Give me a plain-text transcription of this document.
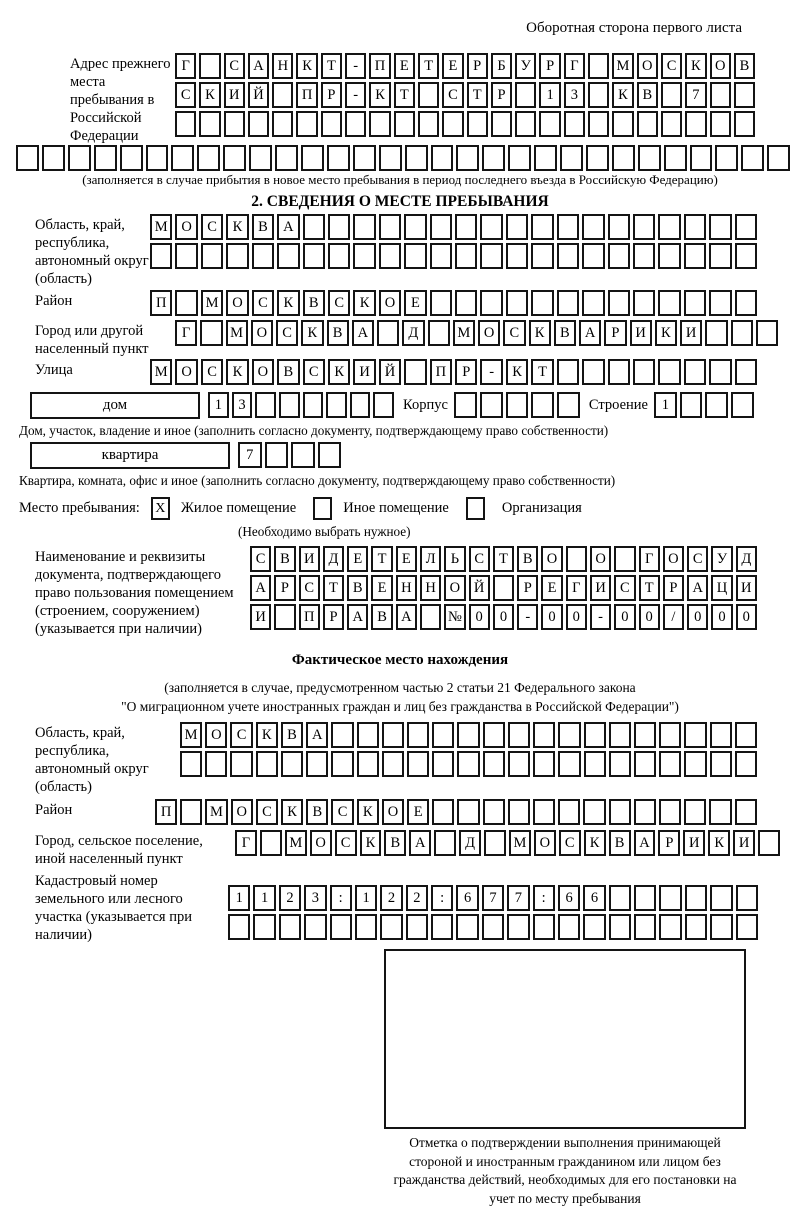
Оборотная сторона первого листа
Адрес прежнего места пребывания в Российской Федерации
Г	С А Н К	Т	-	П	Е	Т	Е	Р	Б	У	Р	Г	М О С	К О В
С	К И Й	П	Р	-	К	Т	С	Т	Р	1	3	К	В	7
(заполняется в случае прибытия в новое место пребывания в период последнего въезда в Российскую Федерацию)
2. СВЕДЕНИЯ О МЕСТЕ ПРЕБЫВАНИЯ
Область, край, республика, автономный округ (область)
М О	С	К	В	А
Район	П	М О	С	К	В	С	К	О	Е
Город или другой населенный пункт
Г	М О	С	К	В	А	Д	М О	С	К	В	А	Р	И	К	И
Улица	М О	С	К	О	В	С	К	И	Й	П	Р	-	К	Т
дом	1	3	Корпус	Строение 1
Дом, участок, владение и иное (заполнить согласно документу, подтверждающему право собственности)
квартира	7
Квартира, комната, офис и иное (заполнить согласно документу, подтверждающему право собственности)
Место пребывания:	X	Жилое помещение	Иное помещение	Организация
(Необходимо выбрать нужное)
Наименование и реквизиты документа, подтверждающего право пользования помещением (строением, сооружением) (указывается при наличии)
С	В И Д	Е	Т	Е	Л	Ь	С	Т	В О	О	Г	О С У Д
А	Р	С	Т	В	Е	Н Н О Й	Р	Е	Г	И С	Т	Р	А Ц И
И	П	Р	А В А	№ 0	0	-	0	0	-	0	0	/	0	0	0
Фактическое место нахождения
(заполняется в случае, предусмотренном частью 2 статьи 21 Федерального закона
"О миграционном учете иностранных граждан и лиц без гражданства в Российской Федерации")
Область, край, республика, автономный округ (область)
М О	С	К	В	А
Район	П	М О	С	К	В	С	К	О	Е
Город, сельское поселение, иной населенный пункт
Г	М О	С	К	В	А	Д	М О	С	К	В	А	Р	И	К	И
Кадастровый номер земельного или лесного участка (указывается при наличии)
1	1	2	3	:	1	2	2	:	6	7	7	:	6	6
Отметка о подтверждении выполнения принимающей стороной и иностранным гражданином или лицом без гражданства действий, необходимых для его постановки на учет по месту пребывания
